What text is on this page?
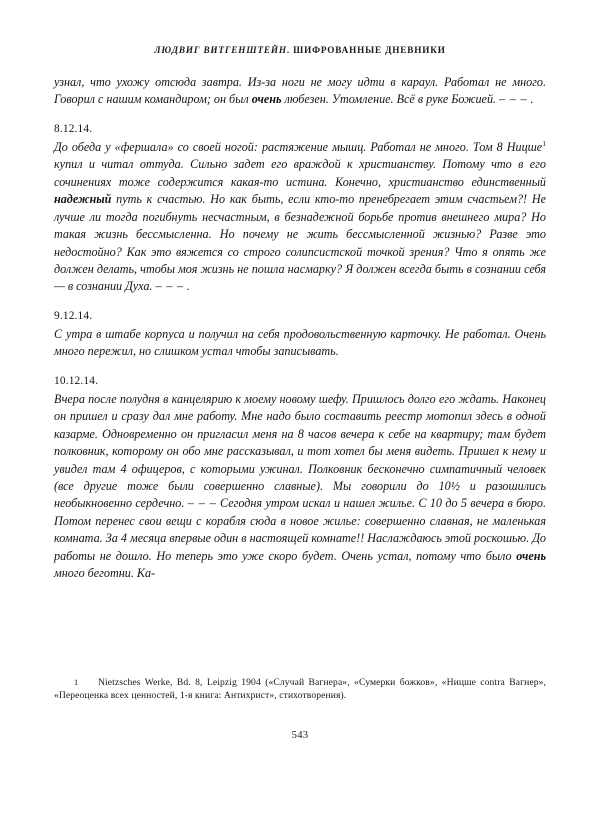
ЛЮДВИГ ВИТГЕНШТЕЙН. ШИФРОВАННЫЕ ДНЕВНИКИ

узнал, что ухожу отсюда завтра. Из-за ноги не могу идти в караул. Работал не много. Говорил с нашим командиром; он был очень любезен. Утомление. Всё в руке Божией. – – – .

8.12.14.

До обеда у «фершала» со своей ногой: растяжение мышц. Работал не много. Том 8 Ницше$^1$ купил и читал оттуда. Сильно задет его враждой к христианству. Потому что в его сочинениях тоже содержится какая-то истина. Конечно, христианство единственный надежный путь к счастью. Но как быть, если кто-то пренебрегает этим счастьем?! Не лучше ли тогда погибнуть несчастным, в безнадежной борьбе против внешнего мира? Но такая жизнь бессмысленна. Но почему не жить бессмысленной жизнью? Разве это недостойно? Как это вяжется со строго солипсистской точкой зрения? Что я опять же должен делать, чтобы моя жизнь не пошла насмарку? Я должен всегда быть в сознании себя — в сознании Духа. – – – .

9.12.14.

С утра в штабе корпуса и получил на себя продовольственную карточку. Не работал. Очень много пережил, но слишком устал чтобы записывать.

10.12.14.

Вчера после полудня в канцелярию к моему новому шефу. Пришлось долго его ждать. Наконец он пришел и сразу дал мне работу. Мне надо было составить реестр мотопил здесь в одной казарме. Одновременно он пригласил меня на 8 часов вечера к себе на квартиру; там будет полковник, которому он обо мне рассказывал, и тот хотел бы меня видеть. Пришел к нему и увидел там 4 офицеров, с которыми ужинал. Полковник бесконечно симпатичный человек (все другие тоже были совершенно славные). Мы говорили до 10½ и разошились необыкновенно сердечно. – – – Сегодня утром искал и нашел жилье. С 10 до 5 вечера в бюро. Потом перенес свои вещи с корабля сюда в новое жилье: совершенно славная, не маленькая комната. За 4 месяца впервые один в настоящей комнате!! Наслаждаюсь этой роскошью. До работы не дошло. Но теперь это уже скоро будет. Очень устал, потому что было очень много беготни. Ка-

1 Nietzsches Werke, Bd. 8, Leipzig 1904 («Случай Вагнера», «Сумерки божков», «Ницше contra Вагнер», «Переоценка всех ценностей, 1-я книга: Антихрист», стихотворения).
543
